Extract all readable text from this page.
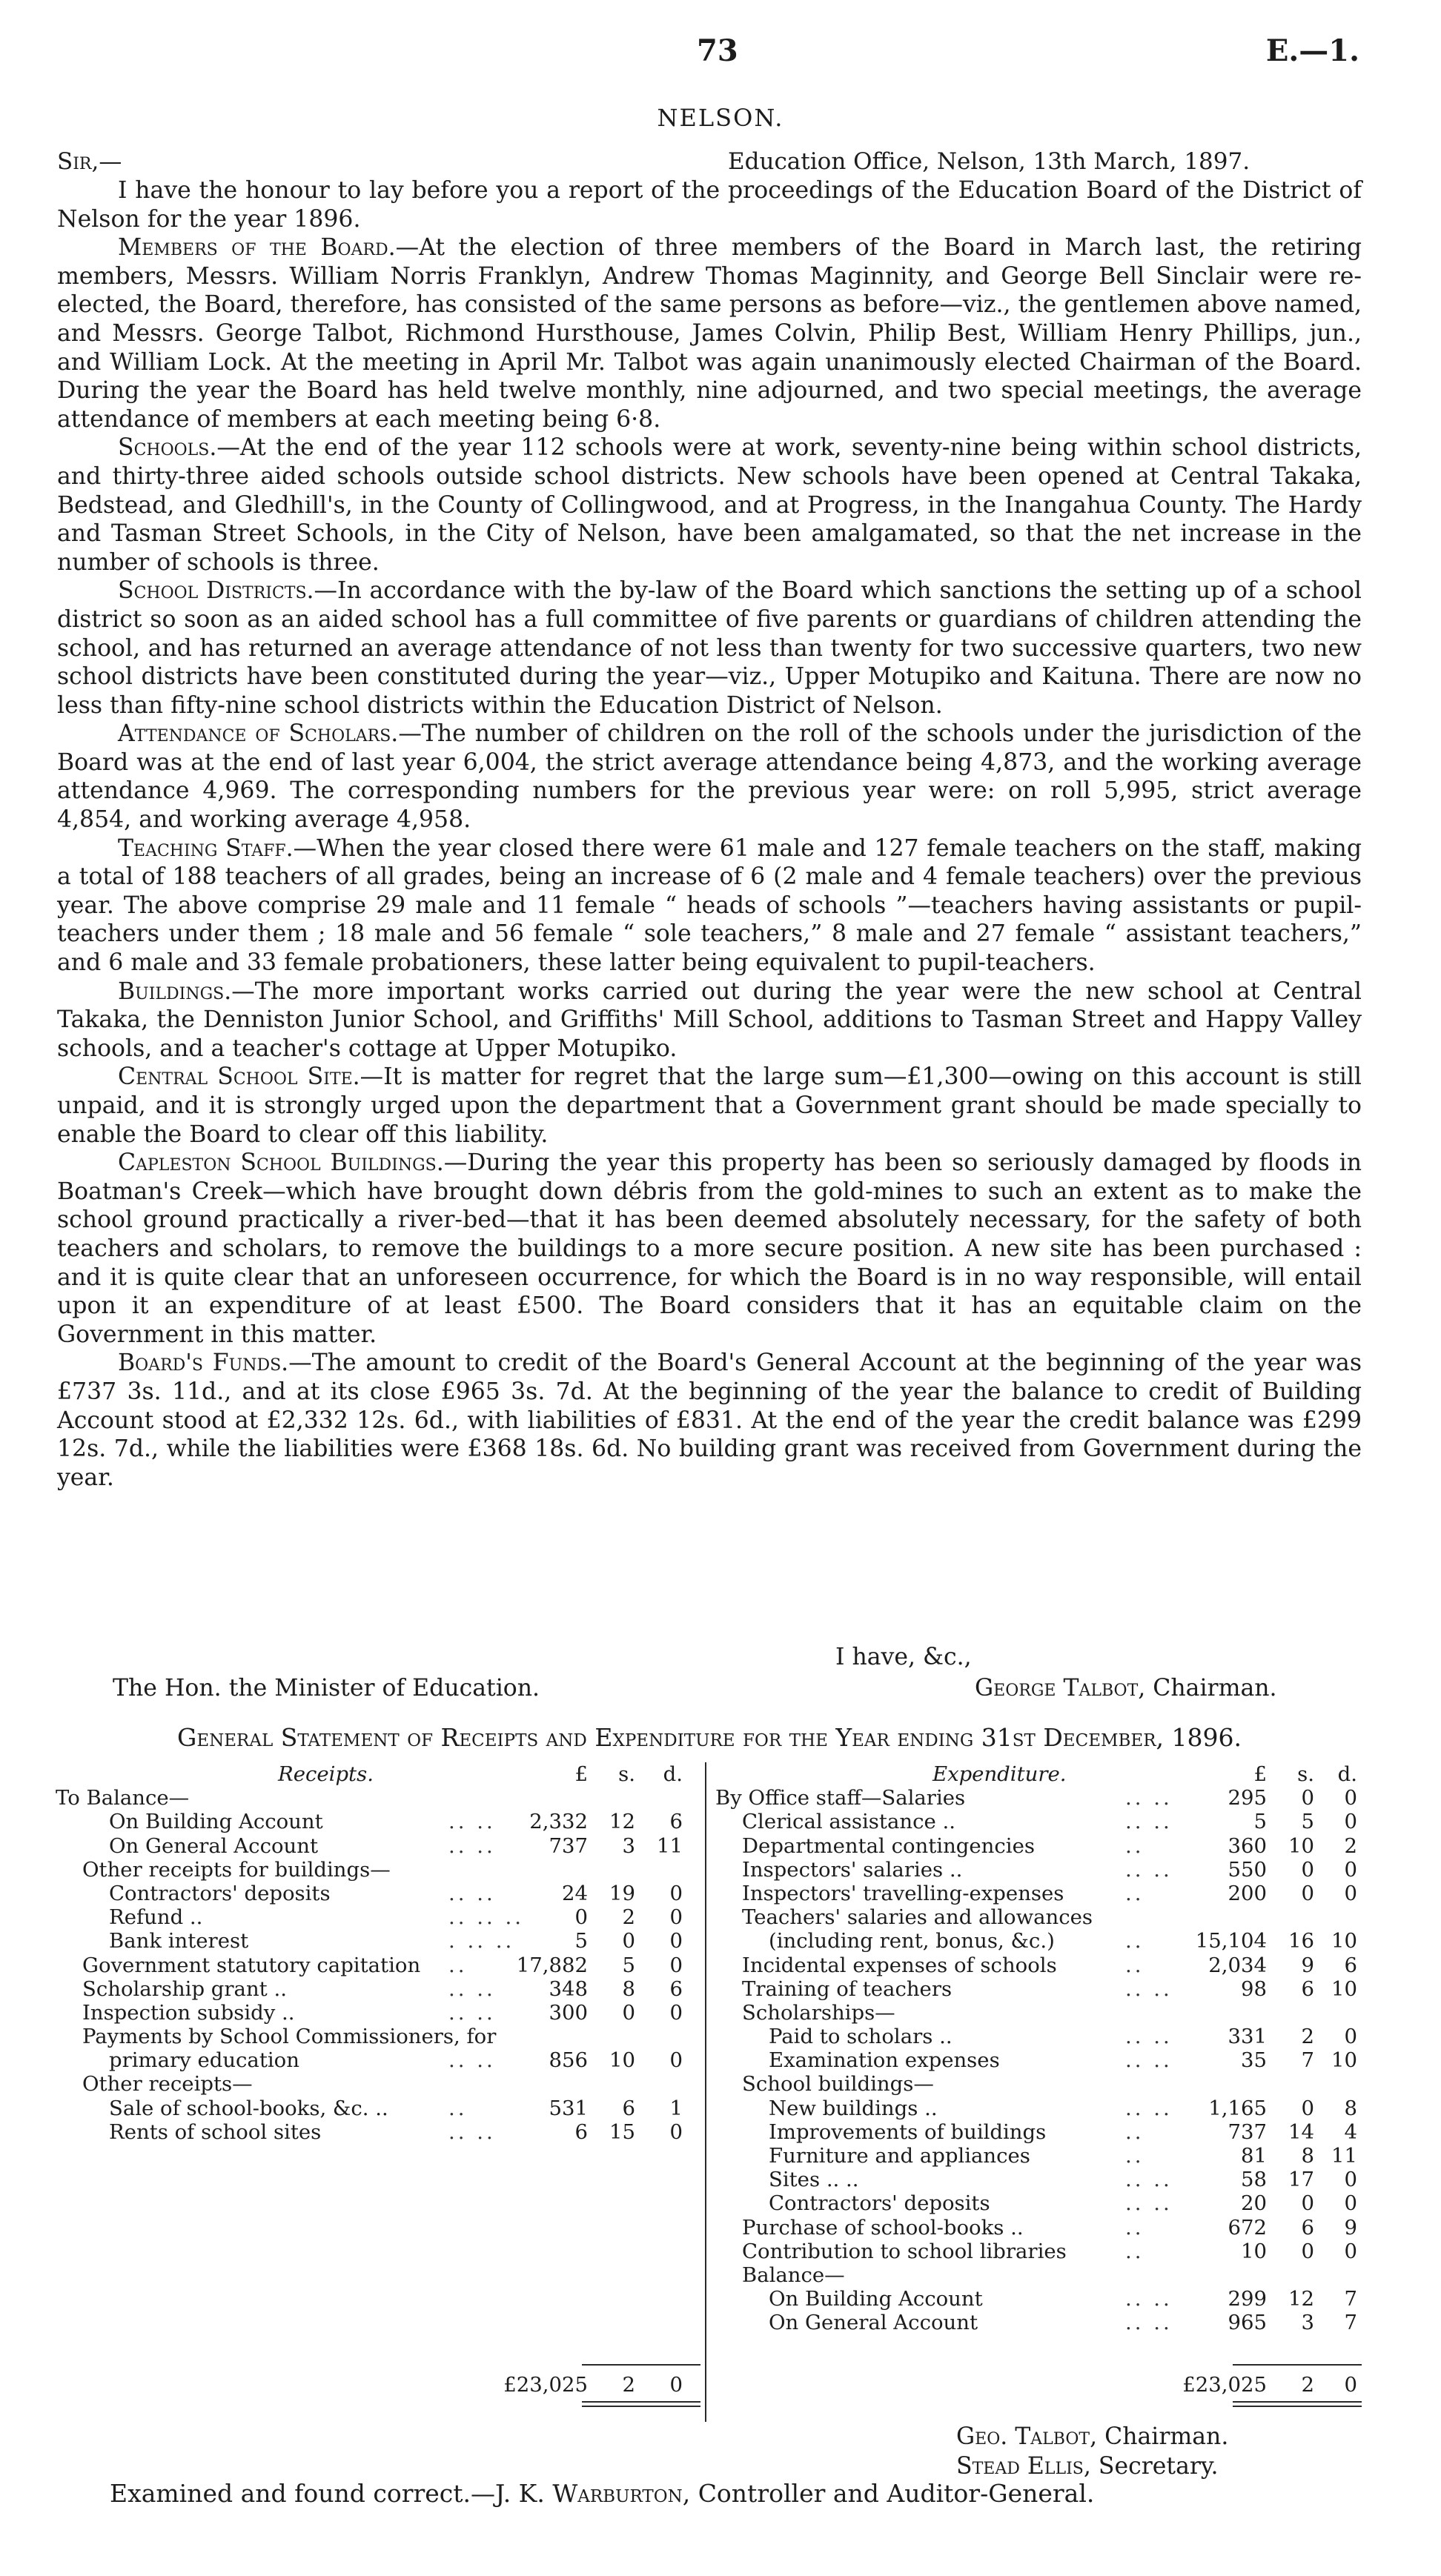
73	E.—1.
NELSON.
Sir,—	Education Office, Nelson, 13th March, 1897.

I have the honour to lay before you a report of the proceedings of the Education Board of the District of Nelson for the year 1896.

Members of the Board.—At the election of three members of the Board in March last, the retiring members, Messrs. William Norris Franklyn, Andrew Thomas Maginnity, and George Bell Sinclair were re-elected, the Board, therefore, has consisted of the same persons as before—viz., the gentlemen above named, and Messrs. George Talbot, Richmond Hursthouse, James Colvin, Philip Best, William Henry Phillips, jun., and William Lock. At the meeting in April Mr. Talbot was again unanimously elected Chairman of the Board. During the year the Board has held twelve monthly, nine adjourned, and two special meetings, the average attendance of members at each meeting being 6·8.

Schools.—At the end of the year 112 schools were at work, seventy-nine being within school districts, and thirty-three aided schools outside school districts. New schools have been opened at Central Takaka, Bedstead, and Gledhill's, in the County of Collingwood, and at Progress, in the Inangahua County. The Hardy and Tasman Street Schools, in the City of Nelson, have been amalgamated, so that the net increase in the number of schools is three.

School Districts.—In accordance with the by-law of the Board which sanctions the setting up of a school district so soon as an aided school has a full committee of five parents or guardians of children attending the school, and has returned an average attendance of not less than twenty for two successive quarters, two new school districts have been constituted during the year—viz., Upper Motupiko and Kaituna. There are now no less than fifty-nine school districts within the Education District of Nelson.

Attendance of Scholars.—The number of children on the roll of the schools under the jurisdiction of the Board was at the end of last year 6,004, the strict average attendance being 4,873, and the working average attendance 4,969. The corresponding numbers for the previous year were: on roll 5,995, strict average 4,854, and working average 4,958.

Teaching Staff.—When the year closed there were 61 male and 127 female teachers on the staff, making a total of 188 teachers of all grades, being an increase of 6 (2 male and 4 female teachers) over the previous year. The above comprise 29 male and 11 female “ heads of schools ”—teachers having assistants or pupil-teachers under them ; 18 male and 56 female “ sole teachers,” 8 male and 27 female “ assistant teachers,” and 6 male and 33 female probationers, these latter being equivalent to pupil-teachers.

Buildings.—The more important works carried out during the year were the new school at Central Takaka, the Denniston Junior School, and Griffiths' Mill School, additions to Tasman Street and Happy Valley schools, and a teacher's cottage at Upper Motupiko.

Central School Site.—It is matter for regret that the large sum—£1,300—owing on this account is still unpaid, and it is strongly urged upon the department that a Government grant should be made specially to enable the Board to clear off this liability.

Capleston School Buildings.—During the year this property has been so seriously damaged by floods in Boatman's Creek—which have brought down débris from the gold-mines to such an extent as to make the school ground practically a river-bed—that it has been deemed absolutely necessary, for the safety of both teachers and scholars, to remove the buildings to a more secure position. A new site has been purchased : and it is quite clear that an unforeseen occurrence, for which the Board is in no way responsible, will entail upon it an expenditure of at least £500. The Board considers that it has an equitable claim on the Government in this matter.

Board's Funds.—The amount to credit of the Board's General Account at the beginning of the year was £737 3s. 11d., and at its close £965 3s. 7d. At the beginning of the year the balance to credit of Building Account stood at £2,332 12s. 6d., with liabilities of £831. At the end of the year the credit balance was £299 12s. 7d., while the liabilities were £368 18s. 6d. No building grant was received from Government during the year.

I have, &c.,
The Hon. the Minister of Education.	George Talbot, Chairman.
General Statement of Receipts and Expenditure for the Year ending 31st December, 1896.
Receipts.	£	s.	d.
To Balance—
On Building Account	.. ..	2,332	12	6
On General Account	.. ..	737	3	11
Other receipts for buildings—
Contractors' deposits	.. ..	24	19	0
Refund ..	.. .. ..	0	2	0
Bank interest	. .. ..	5	0	0
Government statutory capitation ..	17,882	5	0
Scholarship grant ..	.. ..	348	8	6
Inspection subsidy ..	.. ..	300	0	0
Payments by School Commissioners, for
primary education	.. ..	856	10	0
Other receipts—
Sale of school-books, &c. ..	..	531	6	1
Rents of school sites	.. ..	6	15	0
£23,025 2 0
Expenditure.	£	s.	d.
By Office staff—Salaries	.. ..	295	0	0
Clerical assistance ..	.. ..	5	5	0
Departmental contingencies	..	360	10	2
Inspectors' salaries ..	.. ..	550	0	0
Inspectors' travelling-expenses	..	200	0	0
Teachers' salaries and allowances
(including rent, bonus, &c.)	..	15,104	16 10
Incidental expenses of schools	..	2,034	9	6
Training of teachers	.. ..	98	6 10
Scholarships—
Paid to scholars ..	.. ..	331	2	0
Examination expenses	.. ..	35	7 10
School buildings—
New buildings ..	.. ..	1,165	0	8
Improvements of buildings	..	737	14	4
Furniture and appliances	..	81	8 11
Sites .. ..	.. ..	58	17	0
Contractors' deposits	.. ..	20	0	0
Purchase of school-books ..	..	672	6	9
Contribution to school libraries	..	10	0	0
Balance—
On Building Account	.. ..	299	12	7
On General Account	.. ..	965	3	7
£23,025 2 0
Geo. Talbot, Chairman.
Stead Ellis, Secretary.
Examined and found correct.—J. K. Warburton, Controller and Auditor-General.
